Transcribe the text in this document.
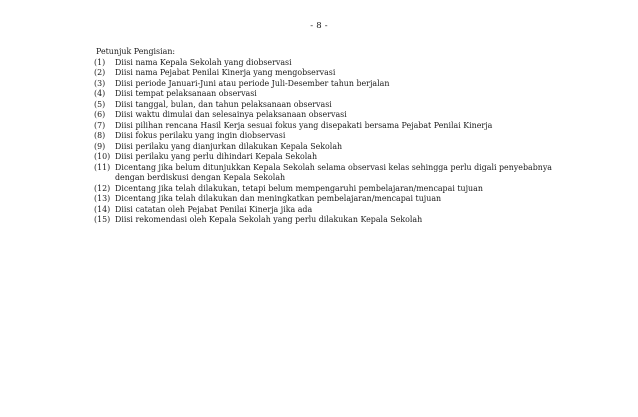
- 8 -
Petunjuk Pengisian:
(1)	Diisi nama Kepala Sekolah yang diobservasi
(2)	Diisi nama Pejabat Penilai Kinerja yang mengobservasi
(3)	Diisi periode Januari-Juni atau periode Juli-Desember tahun berjalan
(4)	Diisi tempat pelaksanaan observasi
(5)	Diisi tanggal, bulan, dan tahun pelaksanaan observasi
(6)	Diisi waktu dimulai dan selesainya pelaksanaan observasi
(7)	Diisi pilihan rencana Hasil Kerja sesuai fokus yang disepakati bersama Pejabat Penilai Kinerja
(8)	Diisi fokus perilaku yang ingin diobservasi
(9)	Diisi perilaku yang dianjurkan dilakukan Kepala Sekolah
(10) Diisi perilaku yang perlu dihindari Kepala Sekolah
(11) Dicentang jika belum ditunjukkan Kepala Sekolah selama observasi kelas sehingga perlu digali penyebabnya dengan berdiskusi dengan Kepala Sekolah
(12) Dicentang jika telah dilakukan, tetapi belum mempengaruhi pembelajaran/mencapai tujuan
(13) Dicentang jika telah dilakukan dan meningkatkan pembelajaran/mencapai tujuan
(14) Diisi catatan oleh Pejabat Penilai Kinerja jika ada
(15) Diisi rekomendasi oleh Kepala Sekolah yang perlu dilakukan Kepala Sekolah
